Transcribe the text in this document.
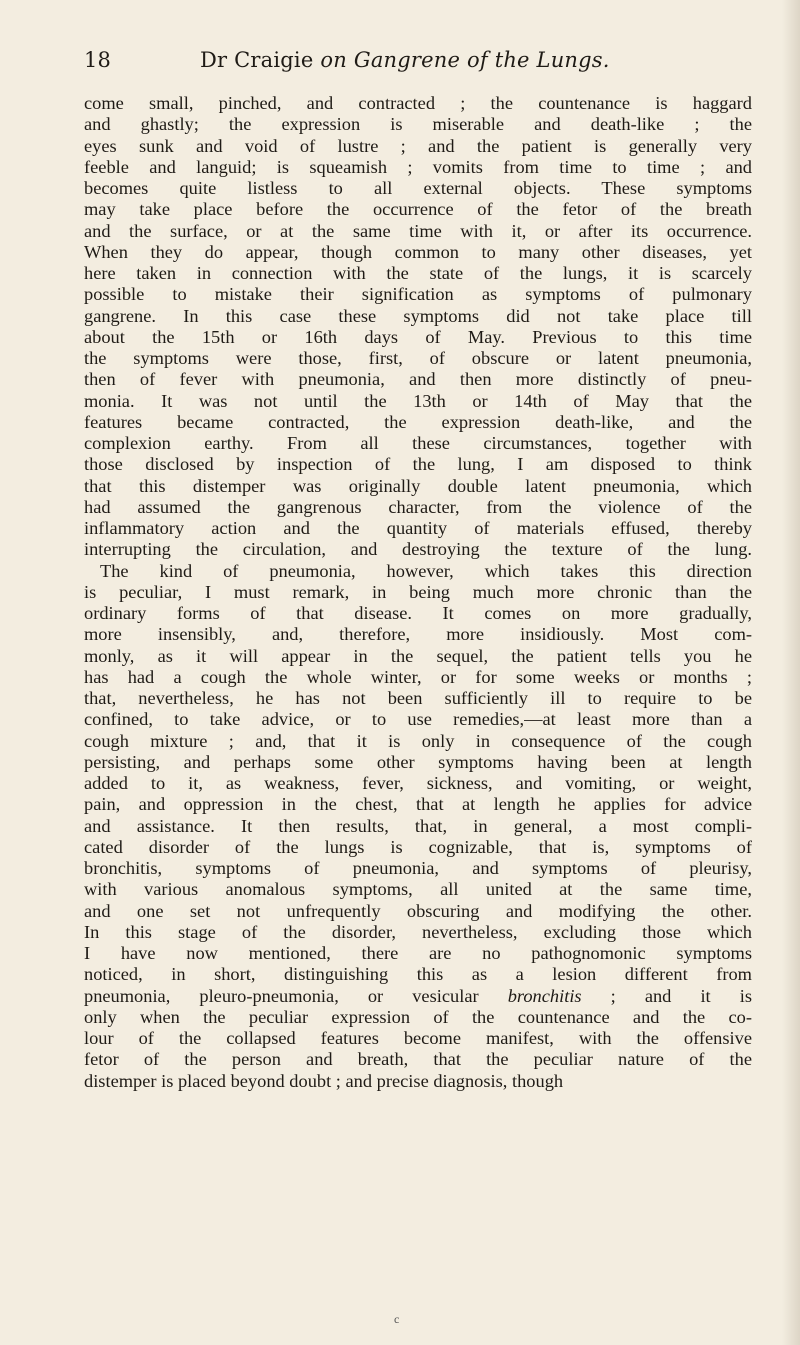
18	Dr Craigie on Gangrene of the Lungs.
come small, pinched, and contracted ; the countenance is haggard
and ghastly; the expression is miserable and death-like ; the
eyes sunk and void of lustre ; and the patient is generally very
feeble and languid; is squeamish ; vomits from time to time ; and
becomes quite listless to all external objects. These symptoms
may take place before the occurrence of the fetor of the breath
and the surface, or at the same time with it, or after its occurrence.
When they do appear, though common to many other diseases, yet
here taken in connection with the state of the lungs, it is scarcely
possible to mistake their signification as symptoms of pulmonary
gangrene. In this case these symptoms did not take place till
about the 15th or 16th days of May. Previous to this time
the symptoms were those, first, of obscure or latent pneumonia,
then of fever with pneumonia, and then more distinctly of pneu-
monia. It was not until the 13th or 14th of May that the
features became contracted, the expression death-like, and the
complexion earthy. From all these circumstances, together with
those disclosed by inspection of the lung, I am disposed to think
that this distemper was originally double latent pneumonia, which
had assumed the gangrenous character, from the violence of the
inflammatory action and the quantity of materials effused, thereby
interrupting the circulation, and destroying the texture of the lung.
The kind of pneumonia, however, which takes this direction
is peculiar, I must remark, in being much more chronic than the
ordinary forms of that disease. It comes on more gradually,
more insensibly, and, therefore, more insidiously. Most com-
monly, as it will appear in the sequel, the patient tells you he
has had a cough the whole winter, or for some weeks or months ;
that, nevertheless, he has not been sufficiently ill to require to be
confined, to take advice, or to use remedies,—at least more than a
cough mixture ; and, that it is only in consequence of the cough
persisting, and perhaps some other symptoms having been at length
added to it, as weakness, fever, sickness, and vomiting, or weight,
pain, and oppression in the chest, that at length he applies for advice
and assistance. It then results, that, in general, a most compli-
cated disorder of the lungs is cognizable, that is, symptoms of
bronchitis, symptoms of pneumonia, and symptoms of pleurisy,
with various anomalous symptoms, all united at the same time,
and one set not unfrequently obscuring and modifying the other.
In this stage of the disorder, nevertheless, excluding those which
I have now mentioned, there are no pathognomonic symptoms
noticed, in short, distinguishing this as a lesion different from
pneumonia, pleuro-pneumonia, or vesicular bronchitis ; and it is
only when the peculiar expression of the countenance and the co-
lour of the collapsed features become manifest, with the offensive
fetor of the person and breath, that the peculiar nature of the
distemper is placed beyond doubt ; and precise diagnosis, though
c
